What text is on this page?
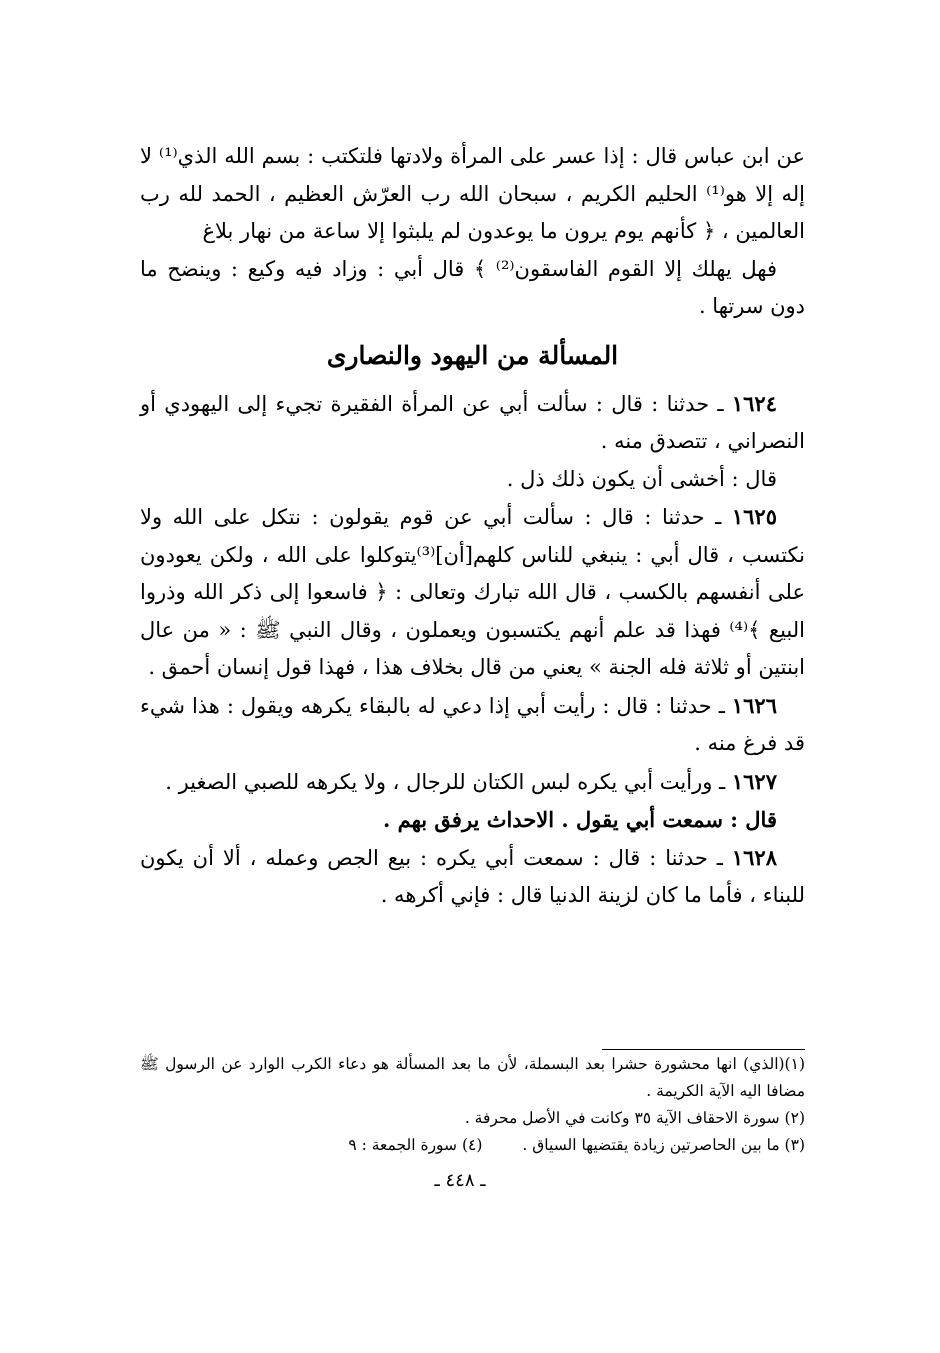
عن ابن عباس قال : إذا عسر على المرأة ولادتها فلتكتب : بسم الله الذي⁽¹⁾ لا إله إلا هو⁽¹⁾ الحليم الكريم ، سبحان الله رب العرّش العظيم ، الحمد لله رب العالمين ، ﴿ كأنهم يوم يرون ما يوعدون لم يلبثوا إلا ساعة من نهار بلاغ

فهل يهلك إلا القوم الفاسقون⁽²⁾ ﴾ قال أبي : وزاد فيه وكيع : وينضح ما دون سرتها .

المسألة من اليهود والنصارى

١٦٢٤ ـ حدثنا : قال : سألت أبي عن المرأة الفقيرة تجيء إلى اليهودي أو النصراني ، تتصدق منه .

قال : أخشى أن يكون ذلك ذل .

١٦٢٥ ـ حدثنا : قال : سألت أبي عن قوم يقولون : نتكل على الله ولا نكتسب ، قال أبي : ينبغي للناس كلهم[أن]⁽³⁾يتوكلوا على الله ، ولكن يعودون على أنفسهم بالكسب ، قال الله تبارك وتعالى : ﴿ فاسعوا إلى ذكر الله وذروا البيع ﴾⁽⁴⁾ فهذا قد علم أنهم يكتسبون ويعملون ، وقال النبي ﷺ : « من عال ابنتين أو ثلاثة فله الجنة » يعني من قال بخلاف هذا ، فهذا قول إنسان أحمق .

١٦٢٦ ـ حدثنا : قال : رأيت أبي إذا دعي له بالبقاء يكرهه ويقول : هذا شيء قد فرغ منه .

١٦٢٧ ـ ورأيت أبي يكره لبس الكتان للرجال ، ولا يكرهه للصبي الصغير .

قال : سمعت أبي يقول . الاحداث يرفق بهم .

١٦٢٨ ـ حدثنا : قال : سمعت أبي يكره : بيع الجص وعمله ، ألا أن يكون للبناء ، فأما ما كان لزينة الدنيا قال : فإني أكرهه .

(١)(الذي) انها محشورة حشرا بعد البسملة، لأن ما بعد المسألة هو دعاء الكرب الوارد عن الرسول ﷺ مضافا اليه الآية الكريمة .

(٢) سورة الاحقاف الآية ٣٥ وكانت في الأصل محرفة .

(٣) ما بين الحاصرتين زيادة يقتضيها السياق .
(٤) سورة الجمعة : ٩

ـ ٤٤٨ ـ
